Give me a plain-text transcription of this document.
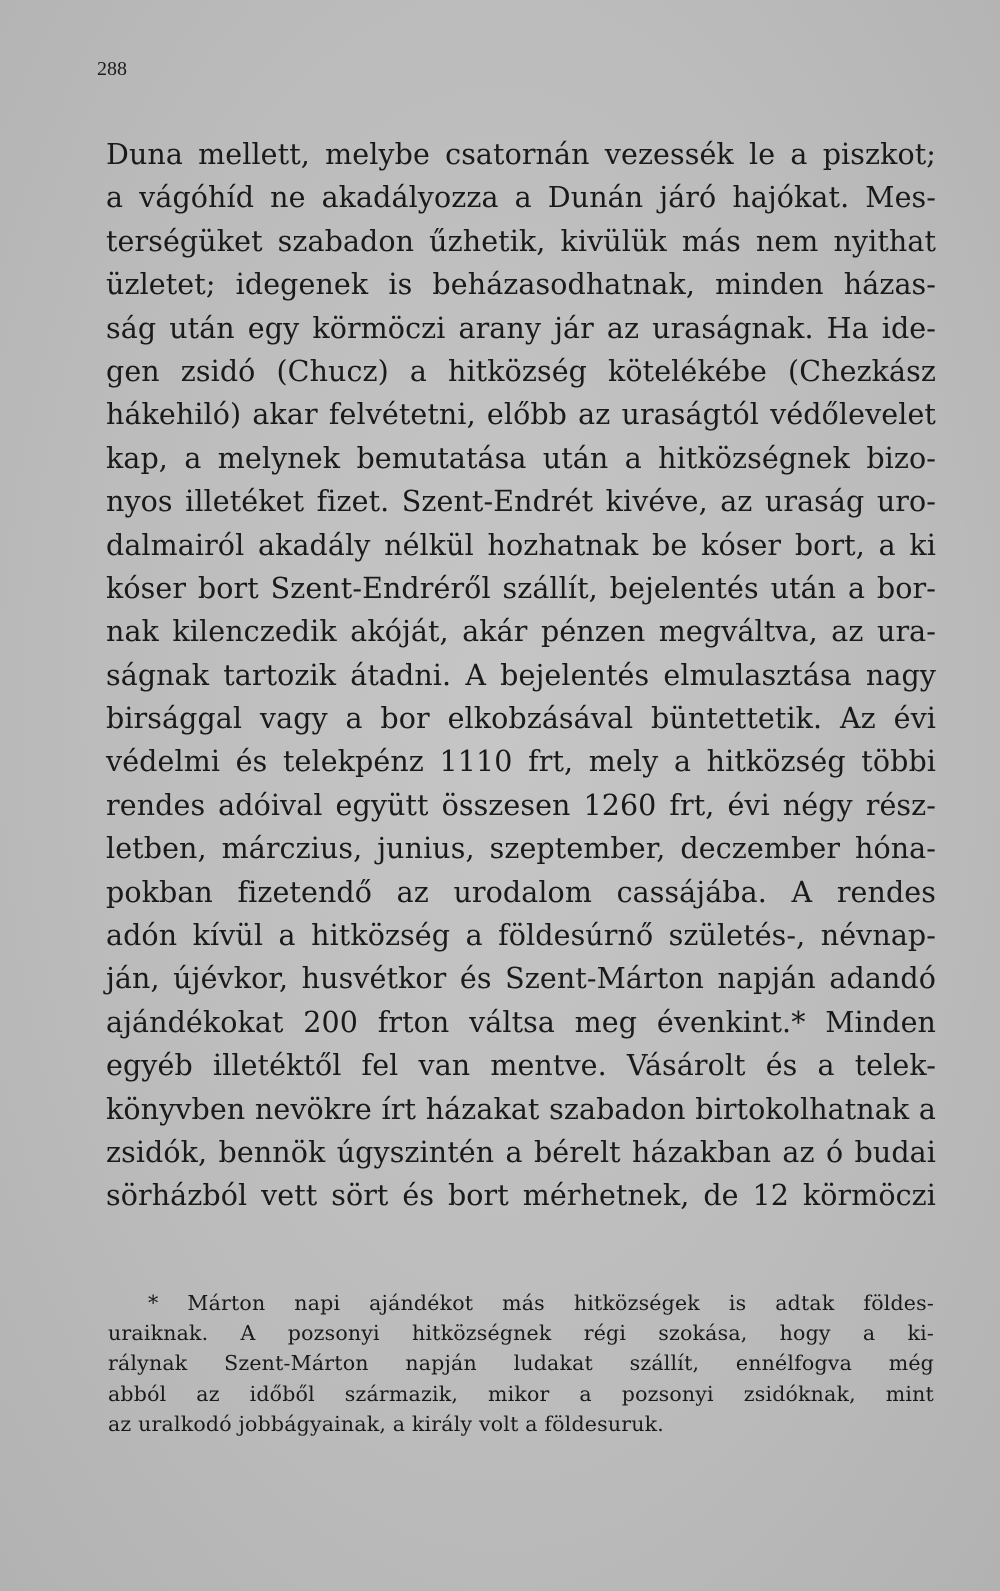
288
Duna mellett, melybe csatornán vezessék le a piszkot;
a vágóhíd ne akadályozza a Dunán járó hajókat. Mes-
terségüket szabadon űzhetik, kivülük más nem nyithat
üzletet; idegenek is beházasodhatnak, minden házas-
ság után egy körmöczi arany jár az uraságnak. Ha ide-
gen zsidó (Chucz) a hitközség kötelékébe (Chezkász
hákehiló) akar felvétetni, előbb az uraságtól védőlevelet
kap, a melynek bemutatása után a hitközségnek bizo-
nyos illetéket fizet. Szent-Endrét kivéve, az uraság uro-
dalmairól akadály nélkül hozhatnak be kóser bort, a ki
kóser bort Szent-Endréről szállít, bejelentés után a bor-
nak kilenczedik akóját, akár pénzen megváltva, az ura-
ságnak tartozik átadni. A bejelentés elmulasztása nagy
birsággal vagy a bor elkobzásával büntettetik. Az évi
védelmi és telekpénz 1110 frt, mely a hitközség többi
rendes adóival együtt összesen 1260 frt, évi négy rész-
letben, márczius, junius, szeptember, deczember hóna-
pokban fizetendő az urodalom cassájába. A rendes
adón kívül a hitközség a földesúrnő születés-, névnap-
ján, újévkor, husvétkor és Szent-Márton napján adandó
ajándékokat 200 frton váltsa meg évenkint.* Minden
egyéb illetéktől fel van mentve. Vásárolt és a telek-
könyvben nevökre írt házakat szabadon birtokolhatnak a
zsidók, bennök úgyszintén a bérelt házakban az ó budai
sörházból vett sört és bort mérhetnek, de 12 körmöczi
* Márton napi ajándékot más hitközségek is adtak földes-
uraiknak. A pozsonyi hitközségnek régi szokása, hogy a ki-
rálynak Szent-Márton napján ludakat szállít, ennélfogva még
abból az időből származik, mikor a pozsonyi zsidóknak, mint
az uralkodó jobbágyainak, a király volt a földesuruk.
